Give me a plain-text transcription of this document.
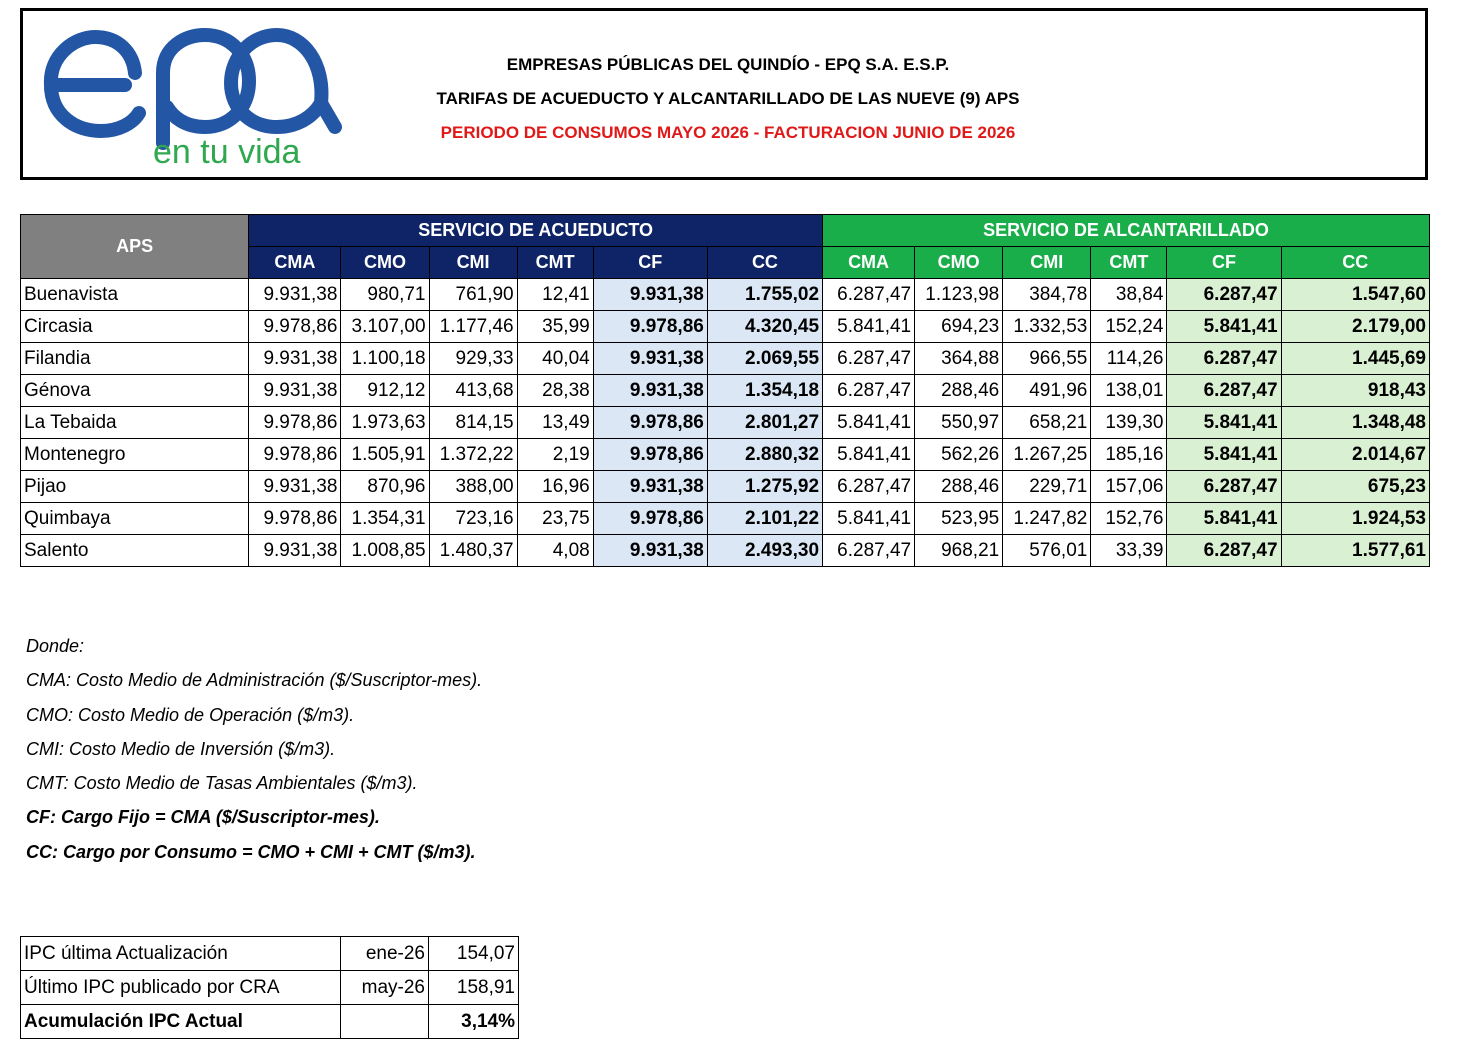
en tu vida
EMPRESAS PÚBLICAS DEL QUINDÍO - EPQ S.A. E.S.P.
TARIFAS DE ACUEDUCTO Y ALCANTARILLADO DE LAS NUEVE (9) APS
PERIODO DE CONSUMOS MAYO 2026 - FACTURACION JUNIO DE 2026
APS	SERVICIO DE ACUEDUCTO						SERVICIO DE ALCANTARILLADO					
	CMA	CMO	CMI	CMT	CF	CC	CMA	CMO	CMI	CMT	CF	CC
Buenavista	9.931,38	980,71	761,90	12,41	9.931,38	1.755,02	6.287,47	1.123,98	384,78	38,84	6.287,47	1.547,60
Circasia	9.978,86	3.107,00	1.177,46	35,99	9.978,86	4.320,45	5.841,41	694,23	1.332,53	152,24	5.841,41	2.179,00
Filandia	9.931,38	1.100,18	929,33	40,04	9.931,38	2.069,55	6.287,47	364,88	966,55	114,26	6.287,47	1.445,69
Génova	9.931,38	912,12	413,68	28,38	9.931,38	1.354,18	6.287,47	288,46	491,96	138,01	6.287,47	918,43
La Tebaida	9.978,86	1.973,63	814,15	13,49	9.978,86	2.801,27	5.841,41	550,97	658,21	139,30	5.841,41	1.348,48
Montenegro	9.978,86	1.505,91	1.372,22	2,19	9.978,86	2.880,32	5.841,41	562,26	1.267,25	185,16	5.841,41	2.014,67
Pijao	9.931,38	870,96	388,00	16,96	9.931,38	1.275,92	6.287,47	288,46	229,71	157,06	6.287,47	675,23
Quimbaya	9.978,86	1.354,31	723,16	23,75	9.978,86	2.101,22	5.841,41	523,95	1.247,82	152,76	5.841,41	1.924,53
Salento	9.931,38	1.008,85	1.480,37	4,08	9.931,38	2.493,30	6.287,47	968,21	576,01	33,39	6.287,47	1.577,61
Donde:
CMA: Costo Medio de Administración ($/Suscriptor-mes).
CMO: Costo Medio de Operación ($/m3).
CMI: Costo Medio de Inversión ($/m3).
CMT: Costo Medio de Tasas Ambientales ($/m3).
CF: Cargo Fijo = CMA ($/Suscriptor-mes).
CC: Cargo por Consumo = CMO + CMI + CMT ($/m3).
IPC última Actualización	ene-26	154,07
Último IPC publicado por CRA	may-26	158,91
Acumulación IPC Actual		3,14%
